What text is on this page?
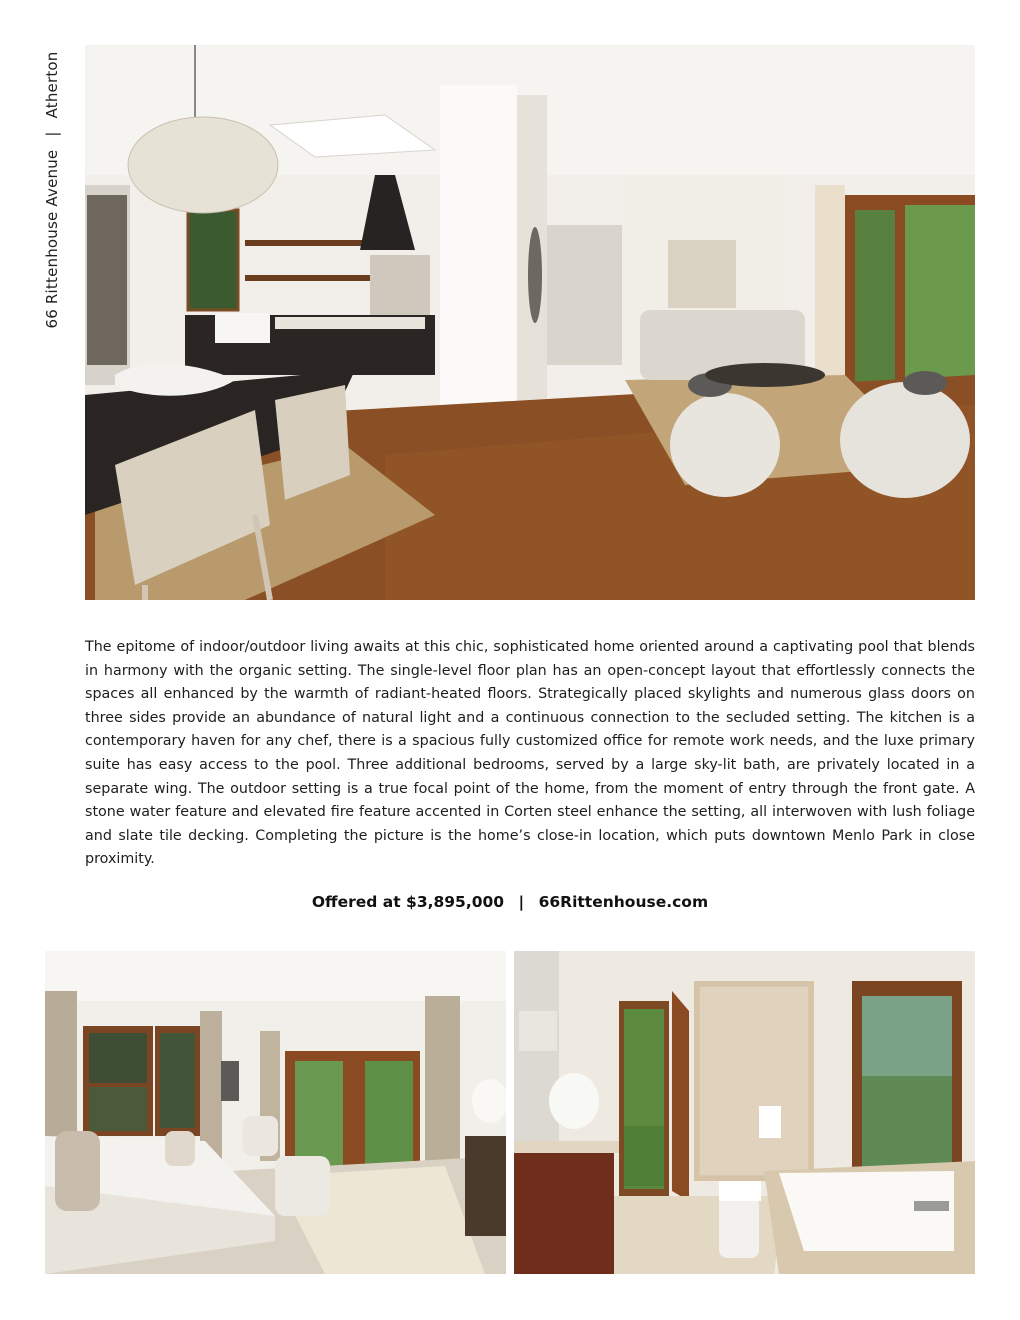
66 Rittenhouse Avenue | Atherton

The epitome of indoor/outdoor living awaits at this chic, sophisticated home oriented around a captivating pool that blends in harmony with the organic setting. The single-level floor plan has an open-concept layout that effortlessly connects the spaces all enhanced by the warmth of radiant-heated floors. Strategically placed skylights and numerous glass doors on three sides provide an abundance of natural light and a continuous connection to the secluded setting. The kitchen is a contemporary haven for any chef, there is a spacious fully customized office for remote work needs, and the luxe primary suite has easy access to the pool. Three additional bedrooms, served by a large sky-lit bath, are privately located in a separate wing. The outdoor setting is a true focal point of the home, from the moment of entry through the front gate. A stone water feature and elevated fire feature accented in Corten steel enhance the setting, all interwoven with lush foliage and slate tile decking. Completing the picture is the home’s close-in location, which puts downtown Menlo Park in close proximity.

Offered at $3,895,000 | 66Rittenhouse.com
